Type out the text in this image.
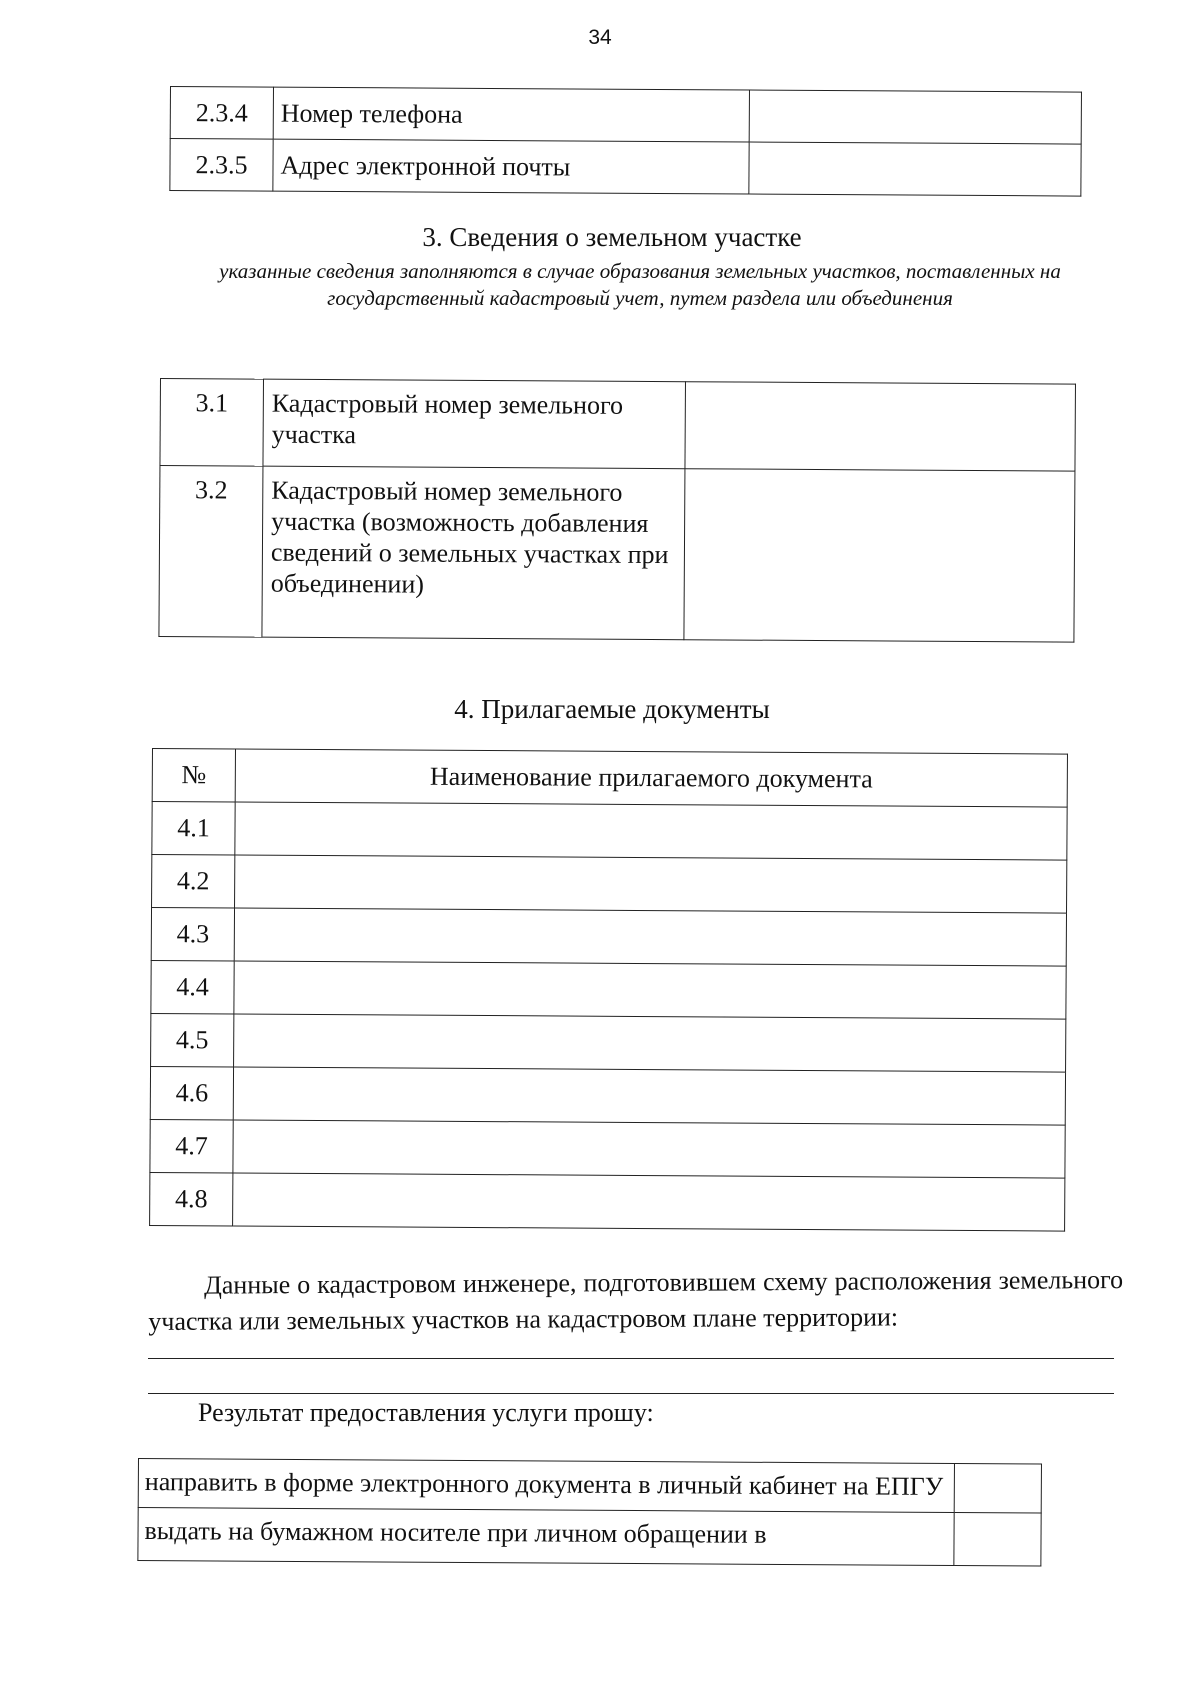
34
2.3.4	Номер телефона	
2.3.5	Адрес электронной почты	
3. Сведения о земельном участке
указанные сведения заполняются в случае образования земельных участков, поставленных на государственный кадастровый учет, путем раздела или объединения
3.1	Кадастровый номер земельного участка	
3.2	Кадастровый номер земельного участка (возможность добавления сведений о земельных участках при объединении)	
4. Прилагаемые документы
№	Наименование прилагаемого документа
4.1	
4.2	
4.3	
4.4	
4.5	
4.6	
4.7	
4.8	
Данные о кадастровом инженере, подготовившем схему расположения земельного участка или земельных участков на кадастровом плане территории:
Результат предоставления услуги прошу:
направить в форме электронного документа в личный кабинет на ЕПГУ	
выдать на бумажном носителе при личном обращении в	
